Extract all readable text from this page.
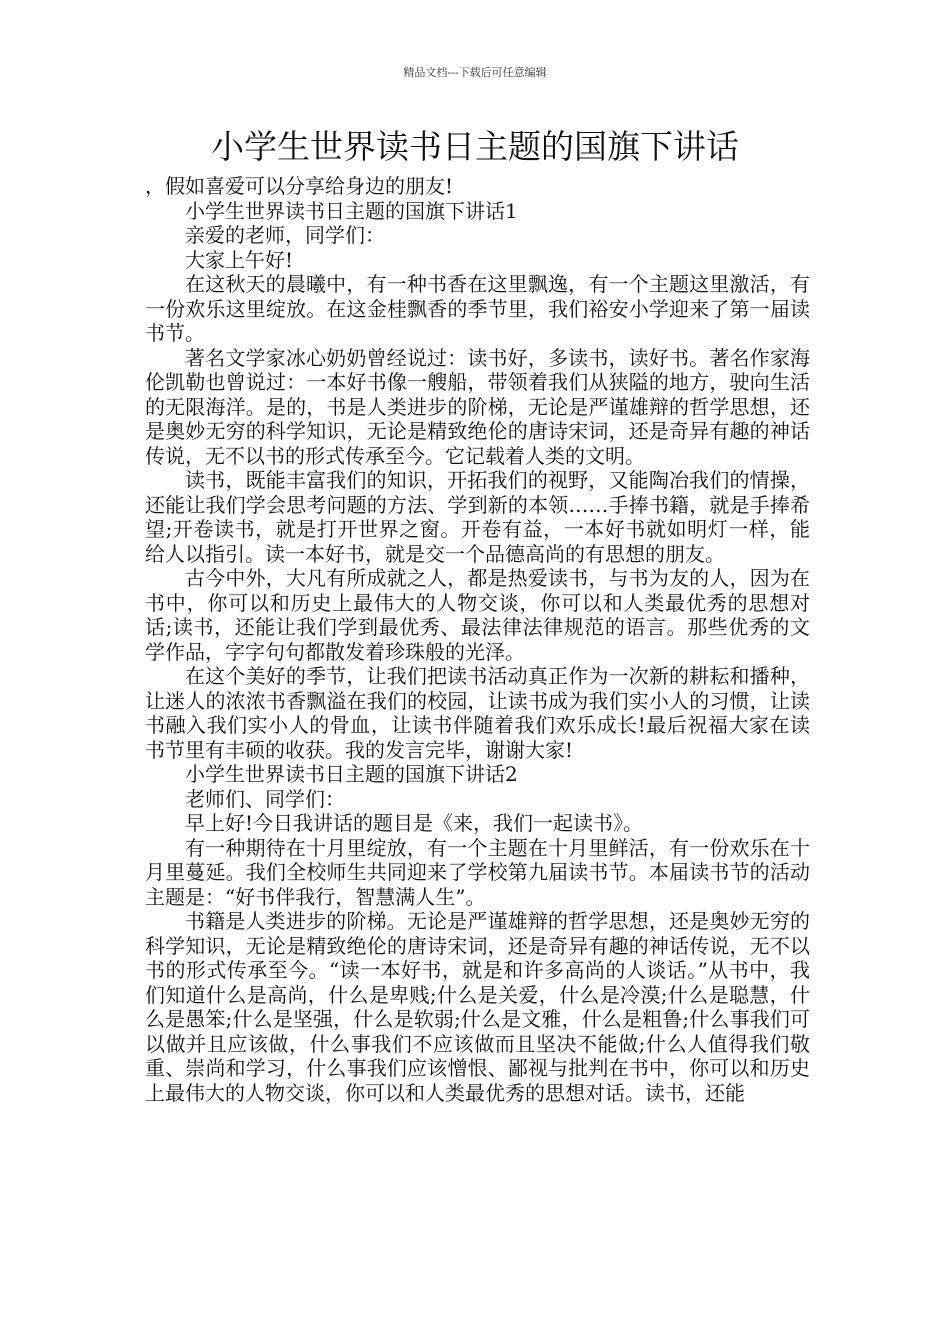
精品文档---下载后可任意编辑
小学生世界读书日主题的国旗下讲话

，假如喜爱可以分享给身边的朋友!

小学生世界读书日主题的国旗下讲话1

亲爱的老师，同学们：

大家上午好!

在这秋天的晨曦中，有一种书香在这里飘逸，有一个主题这里激活，有一份欢乐这里绽放。在这金桂飘香的季节里，我们裕安小学迎来了第一届读书节。

著名文学家冰心奶奶曾经说过：读书好，多读书，读好书。著名作家海伦凯勒也曾说过：一本好书像一艘船，带领着我们从狭隘的地方，驶向生活的无限海洋。是的，书是人类进步的阶梯，无论是严谨雄辩的哲学思想，还是奥妙无穷的科学知识，无论是精致绝伦的唐诗宋词，还是奇异有趣的神话传说，无不以书的形式传承至今。它记载着人类的文明。

读书，既能丰富我们的知识，开拓我们的视野，又能陶冶我们的情操，还能让我们学会思考问题的方法、学到新的本领……手捧书籍，就是手捧希望;开卷读书，就是打开世界之窗。开卷有益，一本好书就如明灯一样，能给人以指引。读一本好书，就是交一个品德高尚的有思想的朋友。

古今中外，大凡有所成就之人，都是热爱读书，与书为友的人，因为在书中，你可以和历史上最伟大的人物交谈，你可以和人类最优秀的思想对话;读书，还能让我们学到最优秀、最法律法律规范的语言。那些优秀的文学作品，字字句句都散发着珍珠般的光泽。

在这个美好的季节，让我们把读书活动真正作为一次新的耕耘和播种，让迷人的浓浓书香飘溢在我们的校园，让读书成为我们实小人的习惯，让读书融入我们实小人的骨血，让读书伴随着我们欢乐成长!最后祝福大家在读书节里有丰硕的收获。我的发言完毕，谢谢大家!

小学生世界读书日主题的国旗下讲话2

老师们、同学们：

早上好!今日我讲话的题目是《来，我们一起读书》。

有一种期待在十月里绽放，有一个主题在十月里鲜活，有一份欢乐在十月里蔓延。我们全校师生共同迎来了学校第九届读书节。本届读书节的活动主题是：“好书伴我行，智慧满人生”。

书籍是人类进步的阶梯。无论是严谨雄辩的哲学思想，还是奥妙无穷的科学知识，无论是精致绝伦的唐诗宋词，还是奇异有趣的神话传说，无不以书的形式传承至今。“读一本好书，就是和许多高尚的人谈话。”从书中，我们知道什么是高尚，什么是卑贱;什么是关爱，什么是冷漠;什么是聪慧，什么是愚笨;什么是坚强，什么是软弱;什么是文雅，什么是粗鲁;什么事我们可以做并且应该做，什么事我们不应该做而且坚决不能做;什么人值得我们敬重、崇尚和学习，什么事我们应该憎恨、鄙视与批判在书中，你可以和历史上最伟大的人物交谈，你可以和人类最优秀的思想对话。读书，还能
